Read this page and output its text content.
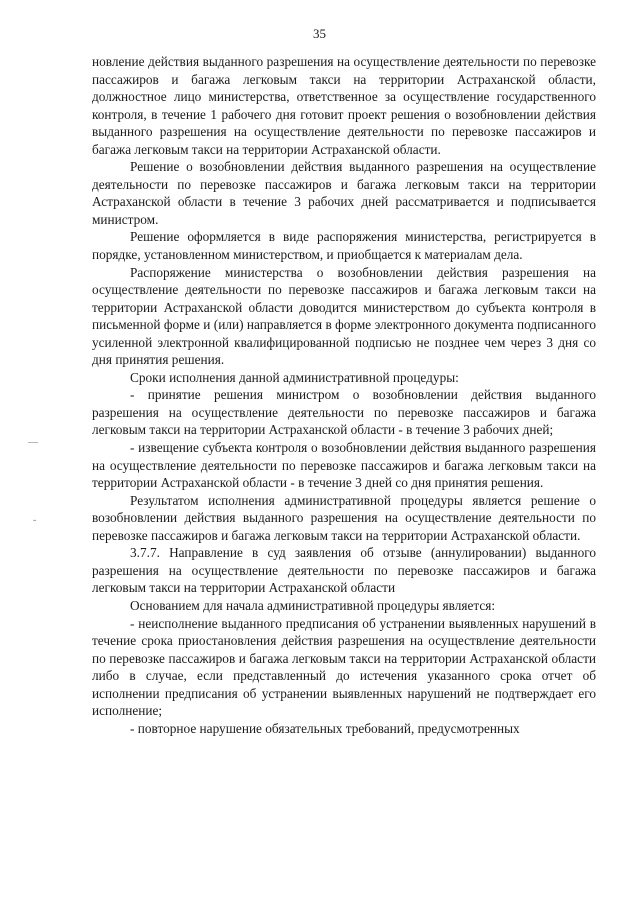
35
—
˘

новление действия выданного разрешения на осуществление деятельности по перевозке пассажиров и багажа легковым такси на территории Астраханской области, должностное лицо министерства, ответственное за осуществление государственного контроля, в течение 1 рабочего дня готовит проект решения о возобновлении действия выданного разрешения на осуществление деятельности по перевозке пассажиров и багажа легковым такси на территории Астраханской области.

Решение о возобновлении действия выданного разрешения на осуществление деятельности по перевозке пассажиров и багажа легковым такси на территории Астраханской области в течение 3 рабочих дней рассматривается и подписывается министром.

Решение оформляется в виде распоряжения министерства, регистрируется в порядке, установленном министерством, и приобщается к материалам дела.

Распоряжение министерства о возобновлении действия разрешения на осуществление деятельности по перевозке пассажиров и багажа легковым такси на территории Астраханской области доводится министерством до субъекта контроля в письменной форме и (или) направляется в форме электронного документа подписанного усиленной электронной квалифицированной подписью не позднее чем через 3 дня со дня принятия решения.

Сроки исполнения данной административной процедуры:

- принятие решения министром о возобновлении действия выданного разрешения на осуществление деятельности по перевозке пассажиров и багажа легковым такси на территории Астраханской области - в течение 3 рабочих дней;

- извещение субъекта контроля о возобновлении действия выданного разрешения на осуществление деятельности по перевозке пассажиров и багажа легковым такси на территории Астраханской области - в течение 3 дней со дня принятия решения.

Результатом исполнения административной процедуры является решение о возобновлении действия выданного разрешения на осуществление деятельности по перевозке пассажиров и багажа легковым такси на территории Астраханской области.

3.7.7. Направление в суд заявления об отзыве (аннулировании) выданного разрешения на осуществление деятельности по перевозке пассажиров и багажа легковым такси на территории Астраханской области

Основанием для начала административной процедуры является:

- неисполнение выданного предписания об устранении выявленных нарушений в течение срока приостановления действия разрешения на осуществление деятельности по перевозке пассажиров и багажа легковым такси на территории Астраханской области либо в случае, если представленный до истечения указанного срока отчет об исполнении предписания об устранении выявленных нарушений не подтверждает его исполнение;

- повторное нарушение обязательных требований, предусмотренных
